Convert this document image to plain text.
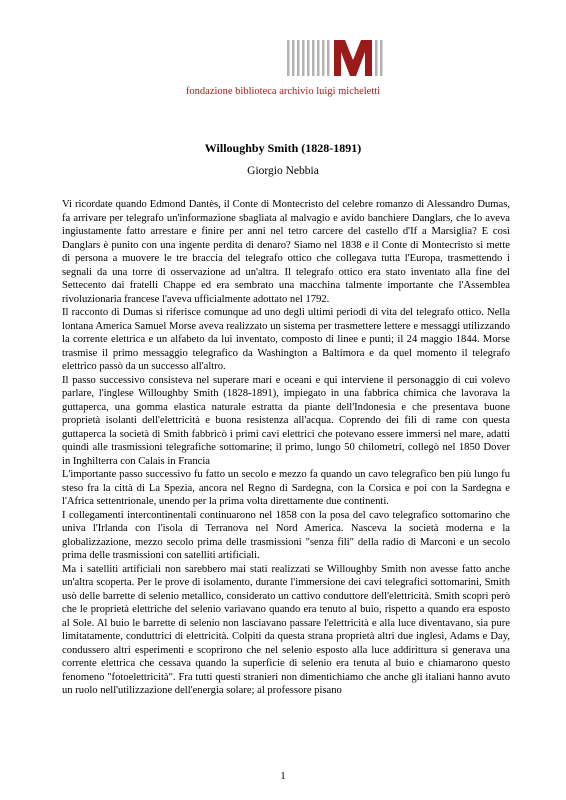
fondazione biblioteca archivio luigi micheletti
Willoughby Smith (1828-1891)
Giorgio Nebbia

Vi ricordate quando Edmond Dantès, il Conte di Montecristo del celebre romanzo di Alessandro Dumas, fa arrivare per telegrafo un'informazione sbagliata al malvagio e avido banchiere Danglars, che lo aveva ingiustamente fatto arrestare e finire per anni nel tetro carcere del castello d'If a Marsiglia? E così Danglars è punito con una ingente perdita di denaro? Siamo nel 1838 e il Conte di Montecristo si mette di persona a muovere le tre braccia del telegrafo ottico che collegava tutta l'Europa, trasmettendo i segnali da una torre di osservazione ad un'altra. Il telegrafo ottico era stato inventato alla fine del Settecento dai fratelli Chappe ed era sembrato una macchina talmente importante che l'Assemblea rivoluzionaria francese l'aveva ufficialmente adottato nel 1792.

Il racconto di Dumas si riferisce comunque ad uno degli ultimi periodi di vita del telegrafo ottico. Nella lontana America Samuel Morse aveva realizzato un sistema per trasmettere lettere e messaggi utilizzando la corrente elettrica e un alfabeto da lui inventato, composto di linee e punti; il 24 maggio 1844. Morse trasmise il primo messaggio telegrafico da Washington a Baltimora e da quel momento il telegrafo elettrico passò da un successo all'altro.

Il passo successivo consisteva nel superare mari e oceani e qui interviene il personaggio di cui volevo parlare, l'inglese Willoughby Smith (1828-1891), impiegato in una fabbrica chimica che lavorava la guttaperca, una gomma elastica naturale estratta da piante dell'Indonesia e che presentava buone proprietà isolanti dell'elettricità e buona resistenza all'acqua. Coprendo dei fili di rame con questa guttaperca la società di Smith fabbricò i primi cavi elettrici che potevano essere immersi nel mare, adatti quindi alle trasmissioni telegrafiche sottomarine; il primo, lungo 50 chilometri, collegò nel 1850 Dover in Inghilterra con Calais in Francia

L'importante passo successivo fu fatto un secolo e mezzo fa quando un cavo telegrafico ben più lungo fu steso fra la città di La Spezia, ancora nel Regno di Sardegna, con la Corsica e poi con la Sardegna e l'Africa settentrionale, unendo per la prima volta direttamente due continenti.

I collegamenti intercontinentali continuarono nel 1858 con la posa del cavo telegrafico sottomarino che univa l'Irlanda con l'isola di Terranova nel Nord America. Nasceva la società moderna e la globalizzazione, mezzo secolo prima delle trasmissioni "senza fili" della radio di Marconi e un secolo prima delle trasmissioni con satelliti artificiali.

Ma i satelliti artificiali non sarebbero mai stati realizzati se Willoughby Smith non avesse fatto anche un'altra scoperta. Per le prove di isolamento, durante l'immersione dei cavi telegrafici sottomarini, Smith usò delle barrette di selenio metallico, considerato un cattivo conduttore dell'elettricità. Smith scoprì però che le proprietà elettriche del selenio variavano quando era tenuto al buio, rispetto a quando era esposto al Sole. Al buio le barrette di selenio non lasciavano passare l'elettricità e alla luce diventavano, sia pure limitatamente, conduttrici di elettricità. Colpiti da questa strana proprietà altri due inglesi, Adams e Day, condussero altri esperimenti e scoprirono che nel selenio esposto alla luce addirittura si generava una corrente elettrica che cessava quando la superficie di selenio era tenuta al buio e chiamarono questo fenomeno "fotoelettricità". Fra tutti questi stranieri non dimentichiamo che anche gli italiani hanno avuto un ruolo nell'utilizzazione dell'energia solare; al professore pisano

1
